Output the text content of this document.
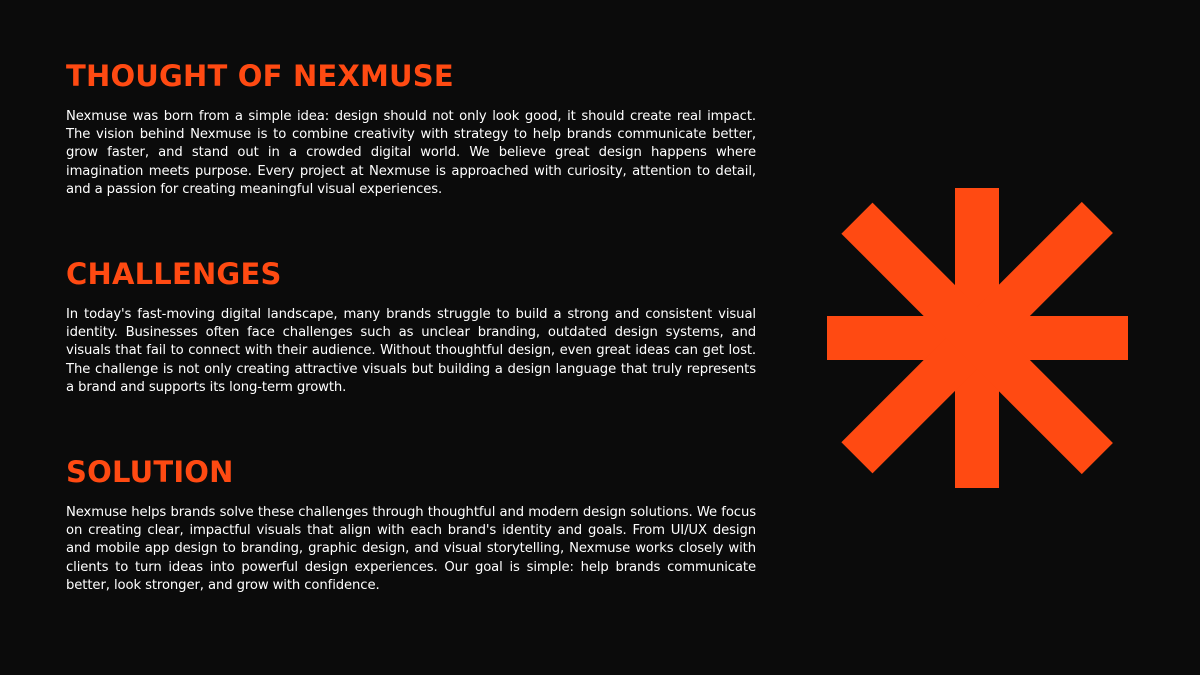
THOUGHT OF NEXMUSE

Nexmuse was born from a simple idea: design should not only look good, it should create real impact. The vision behind Nexmuse is to combine creativity with strategy to help brands communicate better, grow faster, and stand out in a crowded digital world. We believe great design happens where imagination meets purpose. Every project at Nexmuse is approached with curiosity, attention to detail, and a passion for creating meaningful visual experiences.

CHALLENGES

In today's fast-moving digital landscape, many brands struggle to build a strong and consistent visual identity. Businesses often face challenges such as unclear branding, outdated design systems, and visuals that fail to connect with their audience. Without thoughtful design, even great ideas can get lost. The challenge is not only creating attractive visuals but building a design language that truly represents a brand and supports its long-term growth.

SOLUTION

Nexmuse helps brands solve these challenges through thoughtful and modern design solutions. We focus on creating clear, impactful visuals that align with each brand's identity and goals. From UI/UX design and mobile app design to branding, graphic design, and visual storytelling, Nexmuse works closely with clients to turn ideas into powerful design experiences. Our goal is simple: help brands communicate better, look stronger, and grow with confidence.
